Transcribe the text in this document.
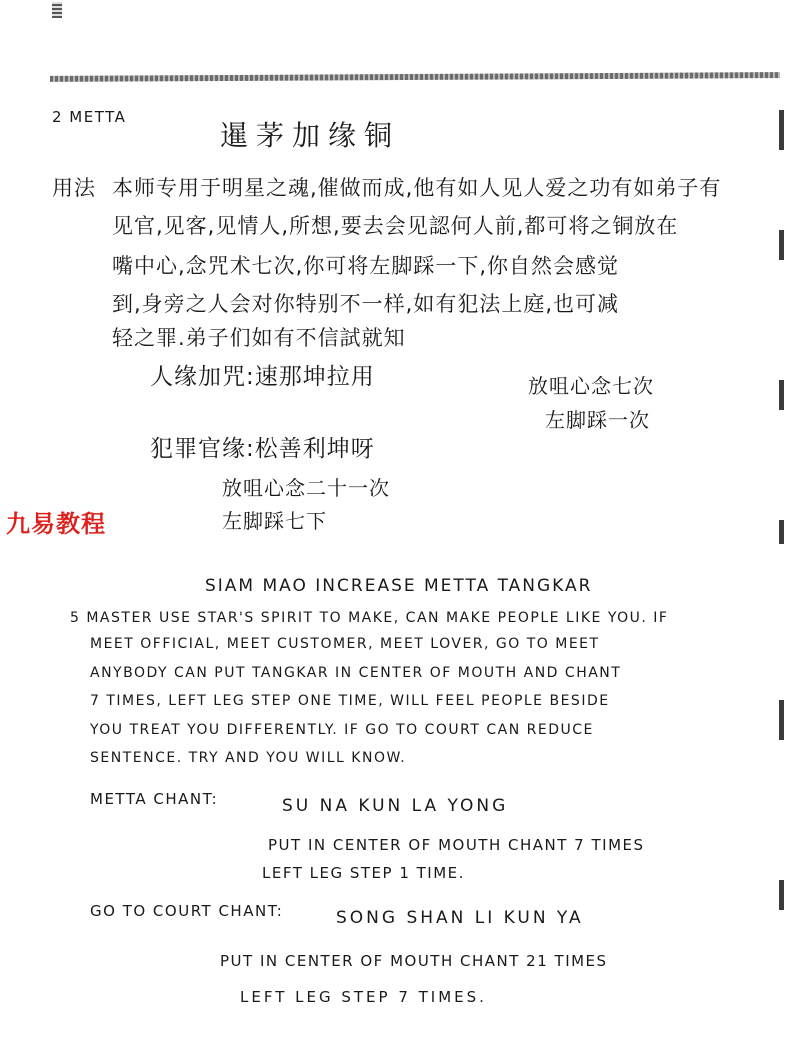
2 METTA
暹茅加缘铜
用法 本师专用于明星之魂,催做而成,他有如人见人爱之功有如弟子有
见官,见客,见情人,所想,要去会见認何人前,都可将之铜放在
嘴中心,念咒术七次,你可将左脚踩一下,你自然会感觉
到,身旁之人会对你特别不一样,如有犯法上庭,也可减
轻之罪.弟子们如有不信試就知
人缘加咒:速那坤拉用	放咀心念七次
左脚踩一次
犯罪官缘:松善利坤呀
放咀心念二十一次
左脚踩七下
九易教程
SIAM MAO INCREASE METTA TANGKAR
5 MASTER USE STAR'S SPIRIT TO MAKE, CAN MAKE PEOPLE LIKE YOU. IF
MEET OFFICIAL, MEET CUSTOMER, MEET LOVER, GO TO MEET
ANYBODY CAN PUT TANGKAR IN CENTER OF MOUTH AND CHANT
7 TIMES, LEFT LEG STEP ONE TIME, WILL FEEL PEOPLE BESIDE
YOU TREAT YOU DIFFERENTLY. IF GO TO COURT CAN REDUCE
SENTENCE. TRY AND YOU WILL KNOW.
METTA CHANT:	SU NA KUN LA YONG
PUT IN CENTER OF MOUTH CHANT 7 TIMES
LEFT LEG STEP 1 TIME.
GO TO COURT CHANT:	SONG SHAN LI KUN YA
PUT IN CENTER OF MOUTH CHANT 21 TIMES
LEFT LEG STEP 7 TIMES.
